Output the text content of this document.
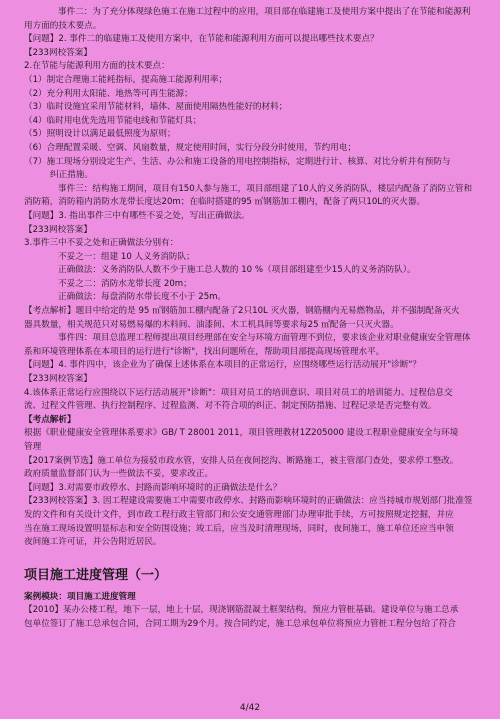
事件二：为了充分体现绿色施工在施工过程中的应用，项目部在临建施工及使用方案中提出了在节能和能源利

用方面的技术要点。

【问题】2. 事件二的临建施工及使用方案中，在节能和能源利用方面可以提出哪些技术要点？

【233网校答案】

2.在节能与能源利用方面的技术要点：

（1）制定合理施工能耗指标，提高施工能源利用率；

（2）充分利用太阳能、地热等可再生能源；

（3）临时设施宜采用节能材料，墙体、屋面使用隔热性能好的材料；

（4）临时用电优先选用节能电线和节能灯具；

（5）照明设计以满足最低照度为原则；

（6）合理配置采暖、空调、风扇数量，规定使用时间，实行分段分时使用，节约用电；

（7）施工现场分别设定生产、生活、办公和施工设备的用电控制指标，定期进行计、核算、对比分析并有预防与

纠正措施。

事件三：结构施工期间，项目有150人参与施工，项目部组建了10人的义务消防队，楼层内配备了消防立管和

消防箱，消防箱内消防水龙带长度达20m；在临时搭建的95 ㎡钢筋加工棚内，配备了两只10L的灭火器。

【问题】3. 指出事件三中有哪些不妥之处，写出正确做法。

【233网校答案】

3.事件三中不妥之处和正确做法分别有：

不妥之一：组建 10 人义务消防队；

正确做法：义务消防队人数不少于施工总人数的 10 %（项目部组建至少15人的义务消防队）。

不妥之二：消防水龙带长度 20m；

正确做法：每盘消防水带长度不小于 25m。

【考点解析】题目中给定的是 95 ㎡钢筋加工棚内配备了2只10L 灭火器，钢筋棚内无易燃物品，并不强制配备灭火

器具数量，相关规范只对易燃易爆的木料间、油漆间、木工机具间等要求每25 ㎡配备一只灭火器。

事件四：项目总监理工程师提出项目经理部在安全与环境方面管理不到位，要求该企业对职业健康安全管理体

系和环境管理体系在本项目的运行进行"诊断"，找出问题所在，帮助项目部提高现场管理水平。

【问题】4. 事件四中，该企业为了确保上述体系在本项目的正常运行，应围绕哪些运行活动展开"诊断"？

【233网校答案】

4.该体系正常运行应围绕以下运行活动展开"诊断"：项目对员工的培训意识、项目对员工的培训能力、过程信息交

流、过程文件管理、执行控制程序、过程监测、对不符合项的纠正、制定预防措施、过程记录是否完整有效。

【考点解析】

根据《职业健康安全管理体系要求》GB/ T 28001 2011，项目管理教材1Z205000 建设工程职业健康安全与环境

管理

【2017案例节选】施工单位为接驳市政水管，安排人员在夜间挖沟、断路施工，被主管部门查处，要求停工整改。

政府质量监督部门认为一些做法不妥，要求改正。

【问题】3.对需要市政停水、封路而影响环境时的正确做法是什么？

【233网校答案】3. 因工程建设需要施工中需要市政停水、封路而影响环境时的正确做法：应当持城市规划部门批准签

发的文件和有关设计文件，到市政工程行政主管部门和公安交通管理部门办理审批手续，方可按照规定挖掘，并应

当在施工现场设置明显标志和安全防围设施；竣工后，应当及时清理现场，同时，夜间施工，施工单位还应当申领

夜间施工许可证，并公告附近居民。

项目施工进度管理（一）

案例模块：项目施工进度管理

【2010】某办公楼工程，地下一层，地上十层，现浇钢筋混凝土框架结构，预应力管桩基础。建设单位与施工总承

包单位签订了施工总承包合同，合同工期为29个月。按合同约定，施工总承包单位将预应力管桩工程分包给了符合

4/42
